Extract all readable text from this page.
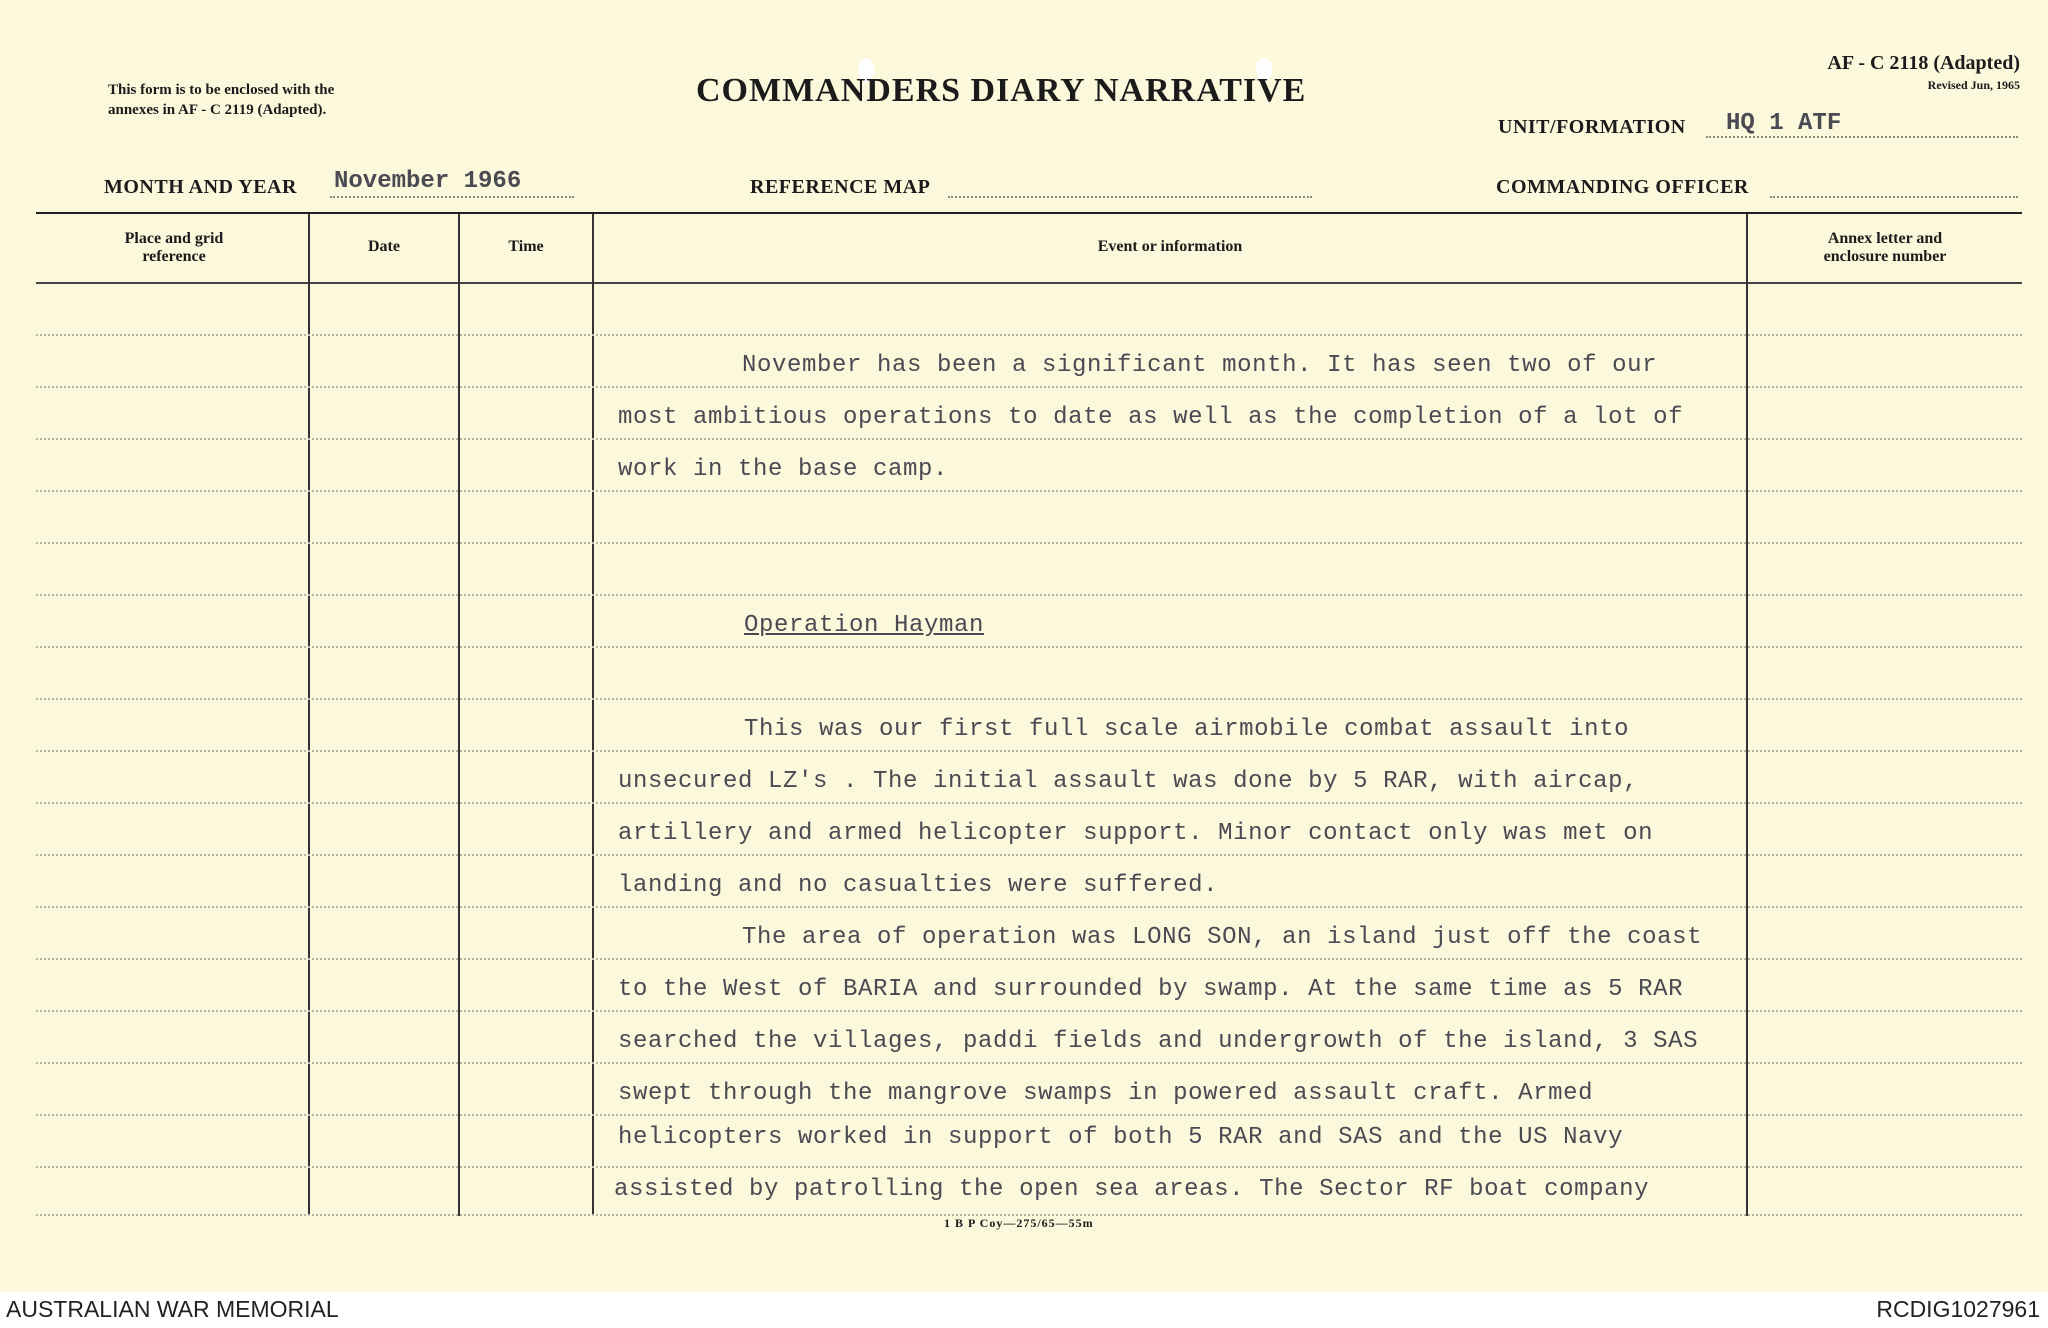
This form is to be enclosed with the
annexes in AF - C 2119 (Adapted).
COMMANDERS DIARY NARRATIVE
AF - C 2118 (Adapted)
Revised Jun, 1965
UNIT/FORMATION HQ 1 ATF
MONTH AND YEAR November 1966	REFERENCE MAP	COMMANDING OFFICER
Place and grid
reference
Date	Time	Event or information	Annex letter and
enclosure number
November has been a significant month. It has seen two of our
most ambitious operations to date as well as the completion of a lot of
work in the base camp.
Operation Hayman
This was our first full scale airmobile combat assault into
unsecured LZ's . The initial assault was done by 5 RAR, with aircap,
artillery and armed helicopter support. Minor contact only was met on
landing and no casualties were suffered.
The area of operation was LONG SON, an island just off the coast
to the West of BARIA and surrounded by swamp. At the same time as 5 RAR
searched the villages, paddi fields and undergrowth of the island, 3 SAS
swept through the mangrove swamps in powered assault craft. Armed
helicopters worked in support of both 5 RAR and SAS and the US Navy
assisted by patrolling the open sea areas. The Sector RF boat company
1 B P Coy—275/65—55m
AUSTRALIAN WAR MEMORIAL	RCDIG1027961
